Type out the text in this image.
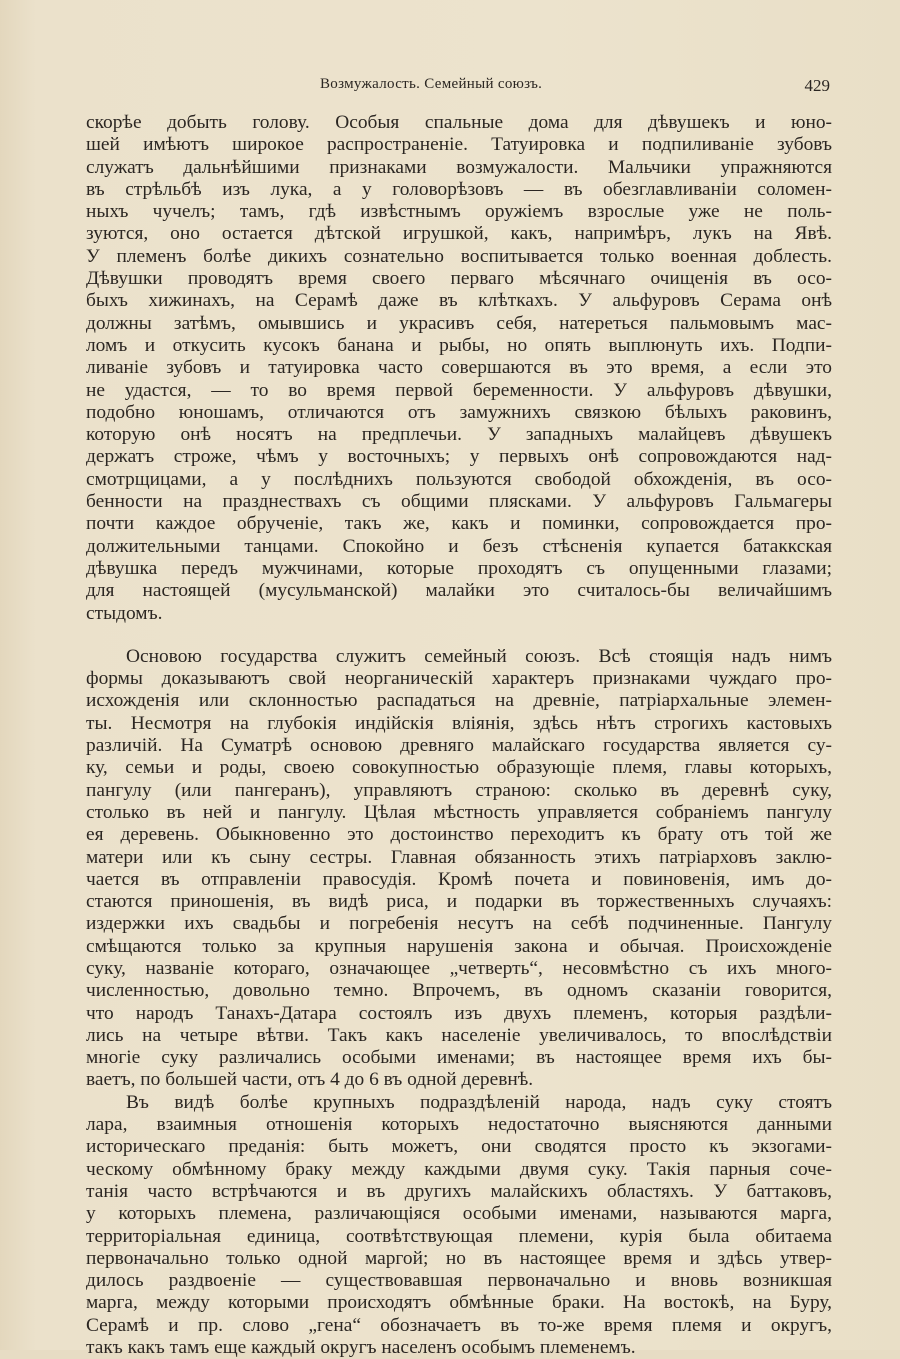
Возмужалость. Семейный союзъ.	429
скорѣе добыть голову. Особыя спальные дома для дѣвушекъ и юно-
шей имѣютъ широкое распространеніе. Татуировка и подпиливаніе зубовъ
служатъ дальнѣйшими признаками возмужалости. Мальчики упражняются
въ стрѣльбѣ изъ лука, а у головорѣзовъ — въ обезглавливаніи соломен-
ныхъ чучелъ; тамъ, гдѣ извѣстнымъ оружіемъ взрослые уже не поль-
зуются, оно остается дѣтской игрушкой, какъ, напримѣръ, лукъ на Явѣ.
У племенъ болѣе дикихъ сознательно воспитывается только военная доблесть.
Дѣвушки проводятъ время своего перваго мѣсячнаго очищенія въ осо-
быхъ хижинахъ, на Серамѣ даже въ клѣткахъ. У альфуровъ Серама онѣ
должны затѣмъ, омывшись и украсивъ себя, натереться пальмовымъ мас-
ломъ и откусить кусокъ банана и рыбы, но опять выплюнуть ихъ. Подпи-
ливаніе зубовъ и татуировка часто совершаются въ это время, а если это
не удастся, — то во время первой беременности. У альфуровъ дѣвушки,
подобно юношамъ, отличаются отъ замужнихъ связкою бѣлыхъ раковинъ,
которую онѣ носятъ на предплечьи. У западныхъ малайцевъ дѣвушекъ
держатъ строже, чѣмъ у восточныхъ; у первыхъ онѣ сопровождаются над-
смотрщицами, а у послѣднихъ пользуются свободой обхожденія, въ осо-
бенности на празднествахъ съ общими плясками. У альфуровъ Гальмагеры
почти каждое обрученіе, такъ же, какъ и поминки, сопровождается про-
должительными танцами. Спокойно и безъ стѣсненія купается батаккская
дѣвушка передъ мужчинами, которые проходятъ съ опущенными глазами;
для настоящей (мусульманской) малайки это считалось-бы величайшимъ
стыдомъ.
Основою государства служитъ семейный союзъ. Всѣ стоящія надъ нимъ
формы доказываютъ свой неорганическій характеръ признаками чуждаго про-
исхожденія или склонностью распадаться на древніе, патріархальные элемен-
ты. Несмотря на глубокія индійскія вліянія, здѣсь нѣтъ строгихъ кастовыхъ
различій. На Суматрѣ основою древняго малайскаго государства является су-
ку, семьи и роды, своею совокупностью образующіе племя, главы которыхъ,
пангулу (или пангеранъ), управляютъ страною: сколько въ деревнѣ суку,
столько въ ней и пангулу. Цѣлая мѣстность управляется собраніемъ пангулу
ея деревень. Обыкновенно это достоинство переходитъ къ брату отъ той же
матери или къ сыну сестры. Главная обязанность этихъ патріарховъ заклю-
чается въ отправленіи правосудія. Кромѣ почета и повиновенія, имъ до-
стаются приношенія, въ видѣ риса, и подарки въ торжественныхъ случаяхъ:
издержки ихъ свадьбы и погребенія несутъ на себѣ подчиненные. Пангулу
смѣщаются только за крупныя нарушенія закона и обычая. Происхожденіе
суку, названіе котораго, означающее „четверть“, несовмѣстно съ ихъ много-
численностью, довольно темно. Впрочемъ, въ одномъ сказаніи говорится,
что народъ Танахъ-Датара состоялъ изъ двухъ племенъ, которыя раздѣли-
лись на четыре вѣтви. Такъ какъ населеніе увеличивалось, то впослѣдствіи
многіе суку различались особыми именами; въ настоящее время ихъ бы-
ваетъ, по большей части, отъ 4 до 6 въ одной деревнѣ.
Въ видѣ болѣе крупныхъ подраздѣленій народа, надъ суку стоятъ
лара, взаимныя отношенія которыхъ недостаточно выясняются данными
историческаго преданія: быть можетъ, они сводятся просто къ экзогами-
ческому обмѣнному браку между каждыми двумя суку. Такія парныя соче-
танія часто встрѣчаются и въ другихъ малайскихъ областяхъ. У баттаковъ,
у которыхъ племена, различающіяся особыми именами, называются марга,
территоріальная единица, соотвѣтствующая племени, курія была обитаема
первоначально только одной маргой; но въ настоящее время и здѣсь утвер-
дилось раздвоеніе — существовавшая первоначально и вновь возникшая
марга, между которыми происходятъ обмѣнные браки. На востокѣ, на Буру,
Серамѣ и пр. слово „гена“ обозначаетъ въ то-же время племя и округъ,
такъ какъ тамъ еще каждый округъ населенъ особымъ племенемъ.
